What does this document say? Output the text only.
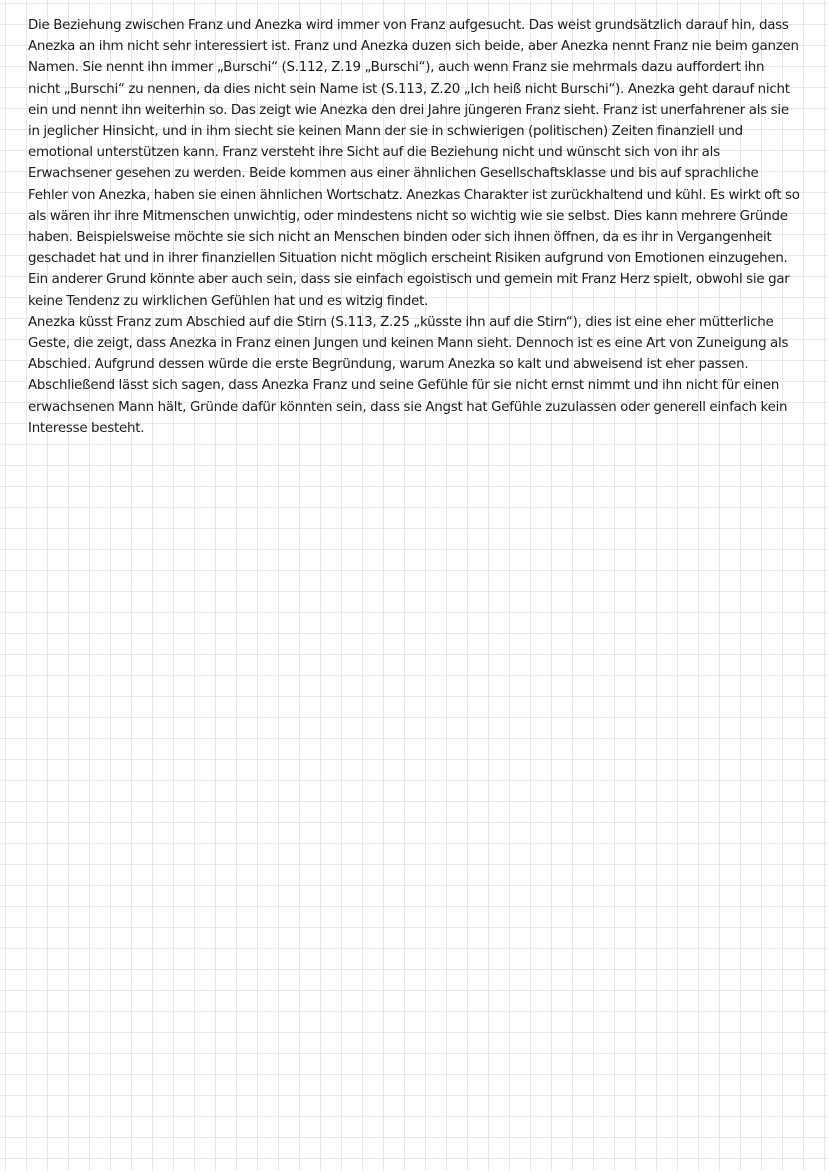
Die Beziehung zwischen Franz und Anezka wird immer von Franz aufgesucht. Das weist grundsätzlich darauf hin, dass Anezka an ihm nicht sehr interessiert ist. Franz und Anezka duzen sich beide, aber Anezka nennt Franz nie beim ganzen Namen. Sie nennt ihn immer „Burschi“ (S.112, Z.19 „Burschi“), auch wenn Franz sie mehrmals dazu auffordert ihn nicht „Burschi“ zu nennen, da dies nicht sein Name ist (S.113, Z.20 „Ich heiß nicht Burschi“). Anezka geht darauf nicht ein und nennt ihn weiterhin so. Das zeigt wie Anezka den drei Jahre jüngeren Franz sieht. Franz ist unerfahrener als sie in jeglicher Hinsicht, und in ihm siecht sie keinen Mann der sie in schwierigen (politischen) Zeiten finanziell und emotional unterstützen kann. Franz versteht ihre Sicht auf die Beziehung nicht und wünscht sich von ihr als Erwachsener gesehen zu werden. Beide kommen aus einer ähnlichen Gesellschaftsklasse und bis auf sprachliche Fehler von Anezka, haben sie einen ähnlichen Wortschatz. Anezkas Charakter ist zurückhaltend und kühl. Es wirkt oft so als wären ihr ihre Mitmenschen unwichtig, oder mindestens nicht so wichtig wie sie selbst. Dies kann mehrere Gründe haben. Beispielsweise möchte sie sich nicht an Menschen binden oder sich ihnen öffnen, da es ihr in Vergangenheit geschadet hat und in ihrer finanziellen Situation nicht möglich erscheint Risiken aufgrund von Emotionen einzugehen. Ein anderer Grund könnte aber auch sein, dass sie einfach egoistisch und gemein mit Franz Herz spielt, obwohl sie gar keine Tendenz zu wirklichen Gefühlen hat und es witzig findet.

Anezka küsst Franz zum Abschied auf die Stirn (S.113, Z.25 „küsste ihn auf die Stirn“), dies ist eine eher mütterliche Geste, die zeigt, dass Anezka in Franz einen Jungen und keinen Mann sieht. Dennoch ist es eine Art von Zuneigung als Abschied. Aufgrund dessen würde die erste Begründung, warum Anezka so kalt und abweisend ist eher passen.

Abschließend lässt sich sagen, dass Anezka Franz und seine Gefühle für sie nicht ernst nimmt und ihn nicht für einen erwachsenen Mann hält, Gründe dafür könnten sein, dass sie Angst hat Gefühle zuzulassen oder generell einfach kein Interesse besteht.
